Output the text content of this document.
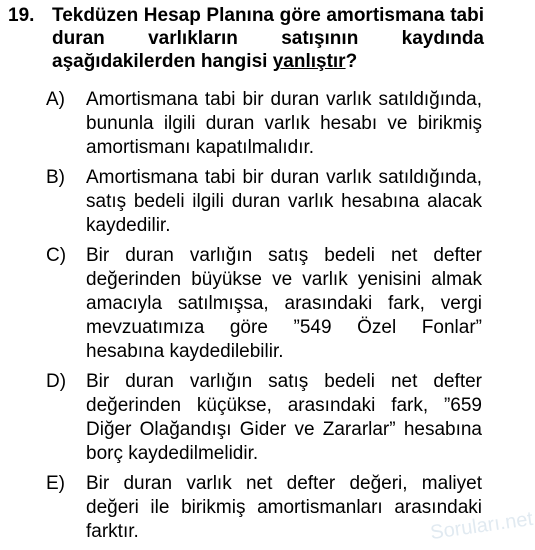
19. Tekdüzen Hesap Planına göre amortismana tabi duran varlıkların satışının kaydında aşağıdakilerden hangisi yanlıştır?
A) Amortismana tabi bir duran varlık satıldığında, bununla ilgili duran varlık hesabı ve birikmiş amortismanı kapatılmalıdır.
B) Amortismana tabi bir duran varlık satıldığında, satış bedeli ilgili duran varlık hesabına alacak kaydedilir.
C) Bir duran varlığın satış bedeli net defter değerinden büyükse ve varlık yenisini almak amacıyla satılmışsa, arasındaki fark, vergi mevzuatımıza göre ”549 Özel Fonlar” hesabına kaydedilebilir.
D) Bir duran varlığın satış bedeli net defter değerinden küçükse, arasındaki fark, ”659 Diğer Olağandışı Gider ve Zararlar” hesabına borç kaydedilmelidir.
E) Bir duran varlık net defter değeri, maliyet değeri ile birikmiş amortismanları arasındaki farktır.	Soruları.net
